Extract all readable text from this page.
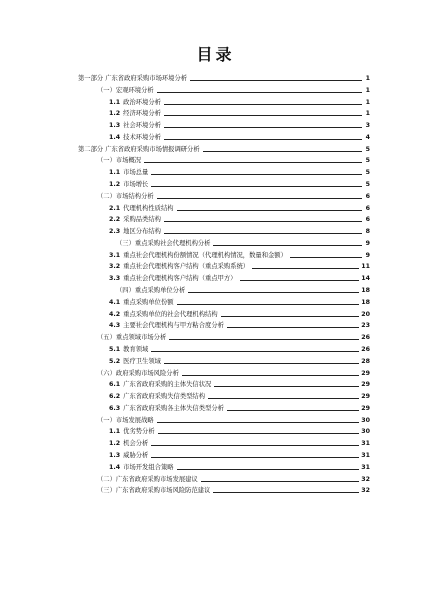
目录
第一部分 广东省政府采购市场环境分析	1
（一）宏观环境分析	1
1.1 政治环境分析	1
1.2 经济环境分析	1
1.3 社会环境分析	3
1.4 技术环境分析	4
第二部分 广东省政府采购市场情报调研分析	5
（一）市场概况	5
1.1 市场总量	5
1.2 市场增长	5
（二）市场结构分析	6
2.1 代理机构性质结构	6
2.2 采购品类结构	6
2.3 地区分布结构	8
（三）重点采购社会代理机构分析	9
3.1 重点社会代理机构份额情况（代理机构情况，数量和金额）	9
3.2 重点社会代理机构客户结构（重点采购系统）	11
3.3 重点社会代理机构客户结构（重点甲方）	14
（四）重点采购单位分析	18
4.1 重点采购单位份额	18
4.2 重点采购单位的社会代理机构结构	20
4.3 主要社会代理机构与甲方粘合度分析	23
（五）重点领域市场分析	26
5.1 教育领域	26
5.2 医疗卫生领域	28
（六）政府采购市场风险分析	29
6.1 广东省政府采购的主体失信状况	29
6.2 广东省政府采购失信类型结构	29
6.3 广东省政府采购各主体失信类型分析	29
（一）市场发展战略	30
1.1 优劣势分析	30
1.2 机会分析	31
1.3 威胁分析	31
1.4 市场开发组合策略	31
（二）广东省政府采购市场发展建议	32
（三）广东省政府采购市场风险防范建议	32
